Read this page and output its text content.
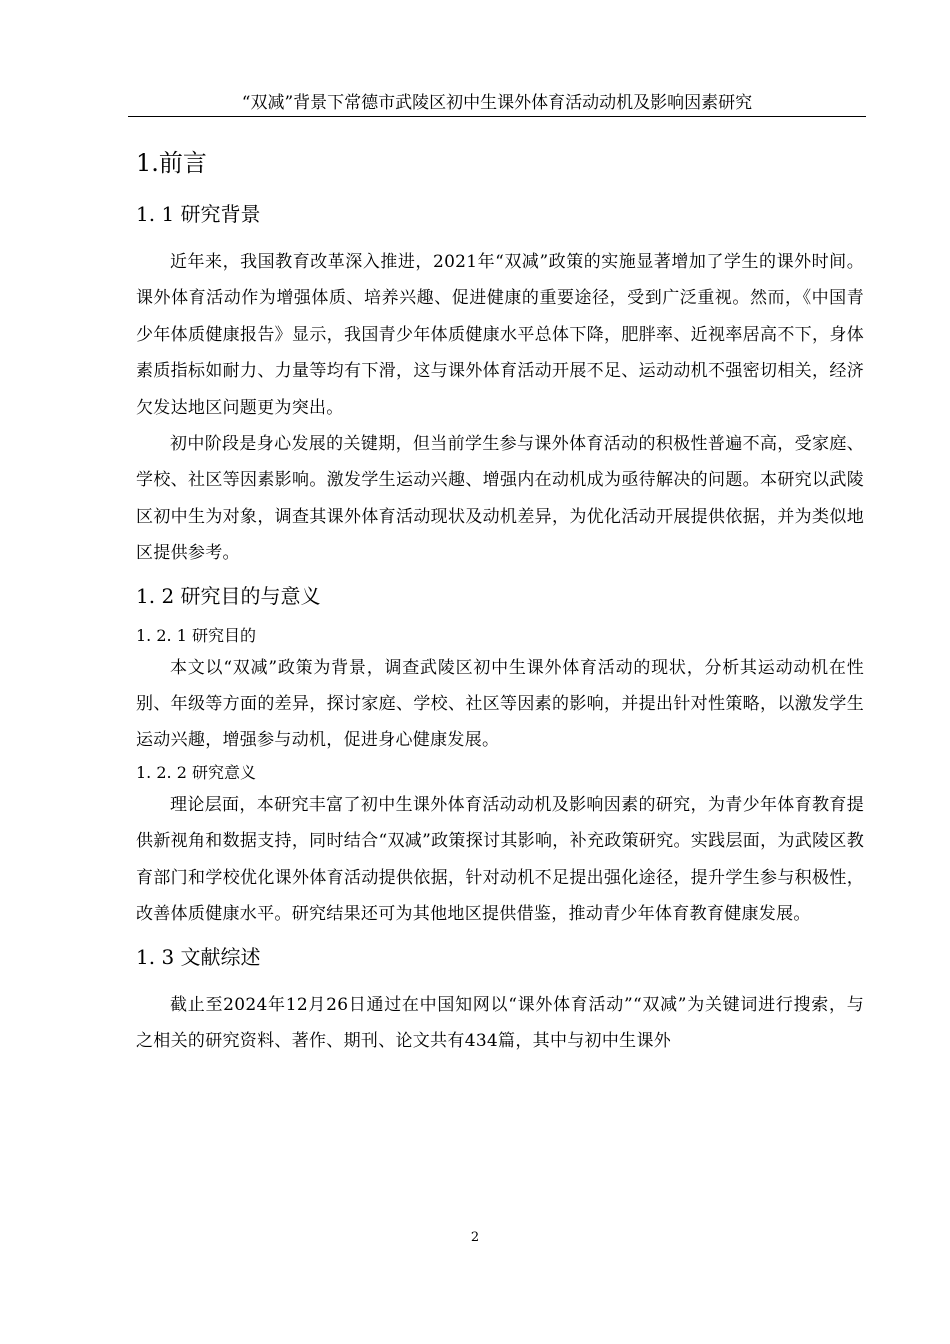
“双减”背景下常德市武陵区初中生课外体育活动动机及影响因素研究
1.前言
1. 1 研究背景

近年来，我国教育改革深入推进，2021年“双减”政策的实施显著增加了学生的课外时间。课外体育活动作为增强体质、培养兴趣、促进健康的重要途径，受到广泛重视。然而，《中国青少年体质健康报告》显示，我国青少年体质健康水平总体下降，肥胖率、近视率居高不下，身体素质指标如耐力、力量等均有下滑，这与课外体育活动开展不足、运动动机不强密切相关，经济欠发达地区问题更为突出。

初中阶段是身心发展的关键期，但当前学生参与课外体育活动的积极性普遍不高，受家庭、学校、社区等因素影响。激发学生运动兴趣、增强内在动机成为亟待解决的问题。本研究以武陵区初中生为对象，调查其课外体育活动现状及动机差异，为优化活动开展提供依据，并为类似地区提供参考。

1. 2 研究目的与意义
1. 2. 1 研究目的

本文以“双减”政策为背景，调查武陵区初中生课外体育活动的现状，分析其运动动机在性别、年级等方面的差异，探讨家庭、学校、社区等因素的影响，并提出针对性策略，以激发学生运动兴趣，增强参与动机，促进身心健康发展。

1. 2. 2 研究意义

理论层面，本研究丰富了初中生课外体育活动动机及影响因素的研究，为青少年体育教育提供新视角和数据支持，同时结合“双减”政策探讨其影响，补充政策研究。实践层面，为武陵区教育部门和学校优化课外体育活动提供依据，针对动机不足提出强化途径，提升学生参与积极性，改善体质健康水平。研究结果还可为其他地区提供借鉴，推动青少年体育教育健康发展。

1. 3 文献综述

截止至2024年12月26日通过在中国知网以“课外体育活动”“双减”为关键词进行搜索，与之相关的研究资料、著作、期刊、论文共有434篇，其中与初中生课外

2
